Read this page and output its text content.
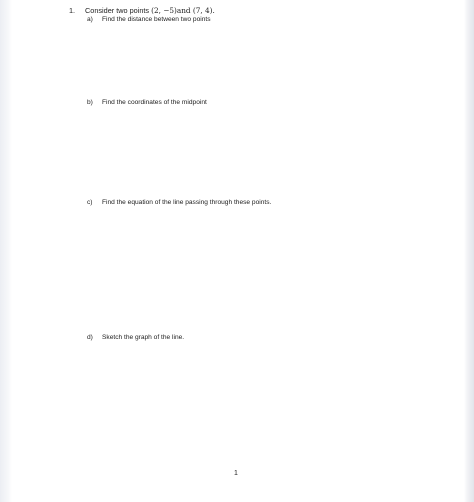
1. Consider two points (2, −5)and (7, 4).
a) Find the distance between two points
b) Find the coordinates of the midpoint
c) Find the equation of the line passing through these points.
d) Sketch the graph of the line.
1
